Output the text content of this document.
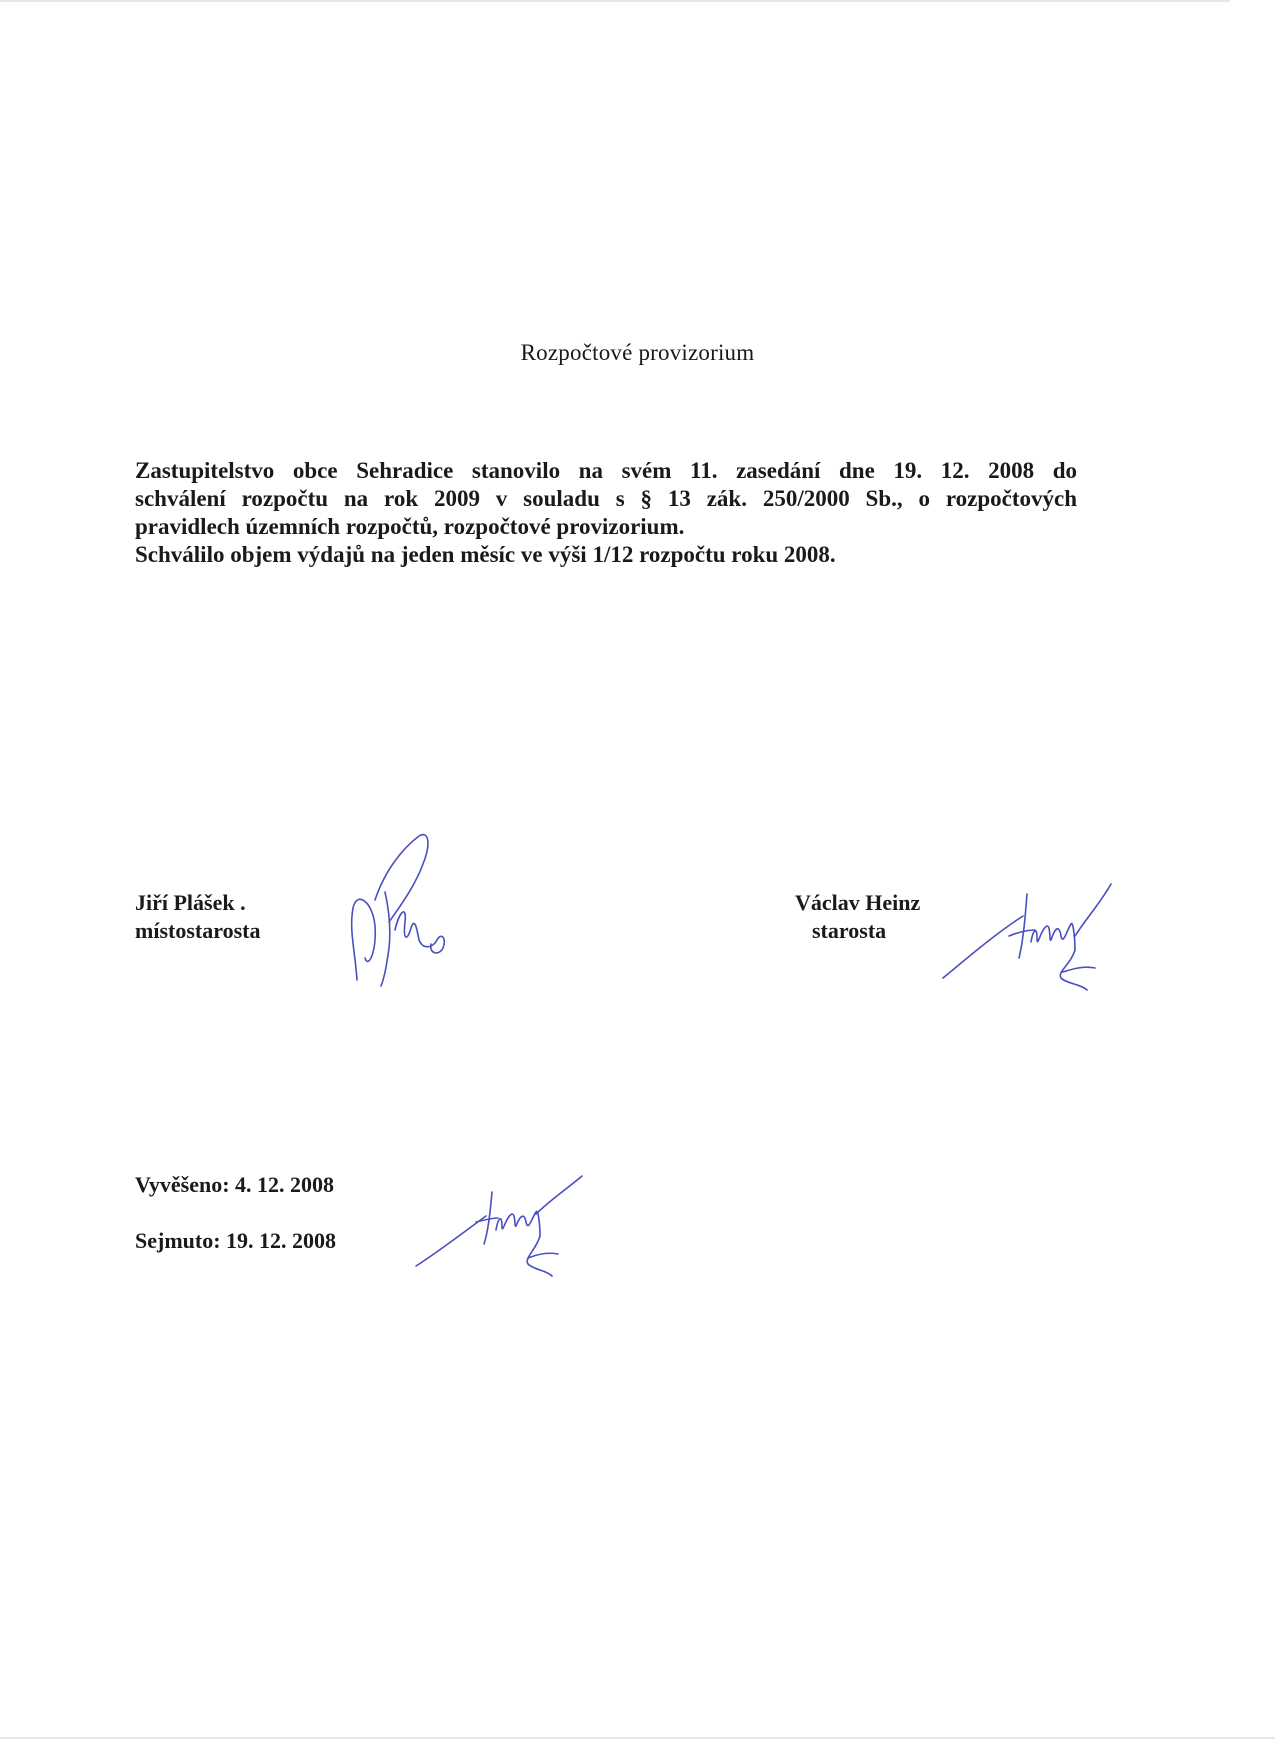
Rozpočtové provizorium
Zastupitelstvo obce Sehradice stanovilo na svém 11. zasedání dne 19. 12. 2008 do
schválení rozpočtu na rok 2009 v souladu s § 13 zák. 250/2000 Sb., o rozpočtových
pravidlech územních rozpočtů, rozpočtové provizorium.
Schválilo objem výdajů na jeden měsíc ve výši 1/12 rozpočtu roku 2008.
Jiří Plášek .
místostarosta
Václav Heinz
starosta
Vyvěšeno: 4. 12. 2008
Sejmuto: 19. 12. 2008
